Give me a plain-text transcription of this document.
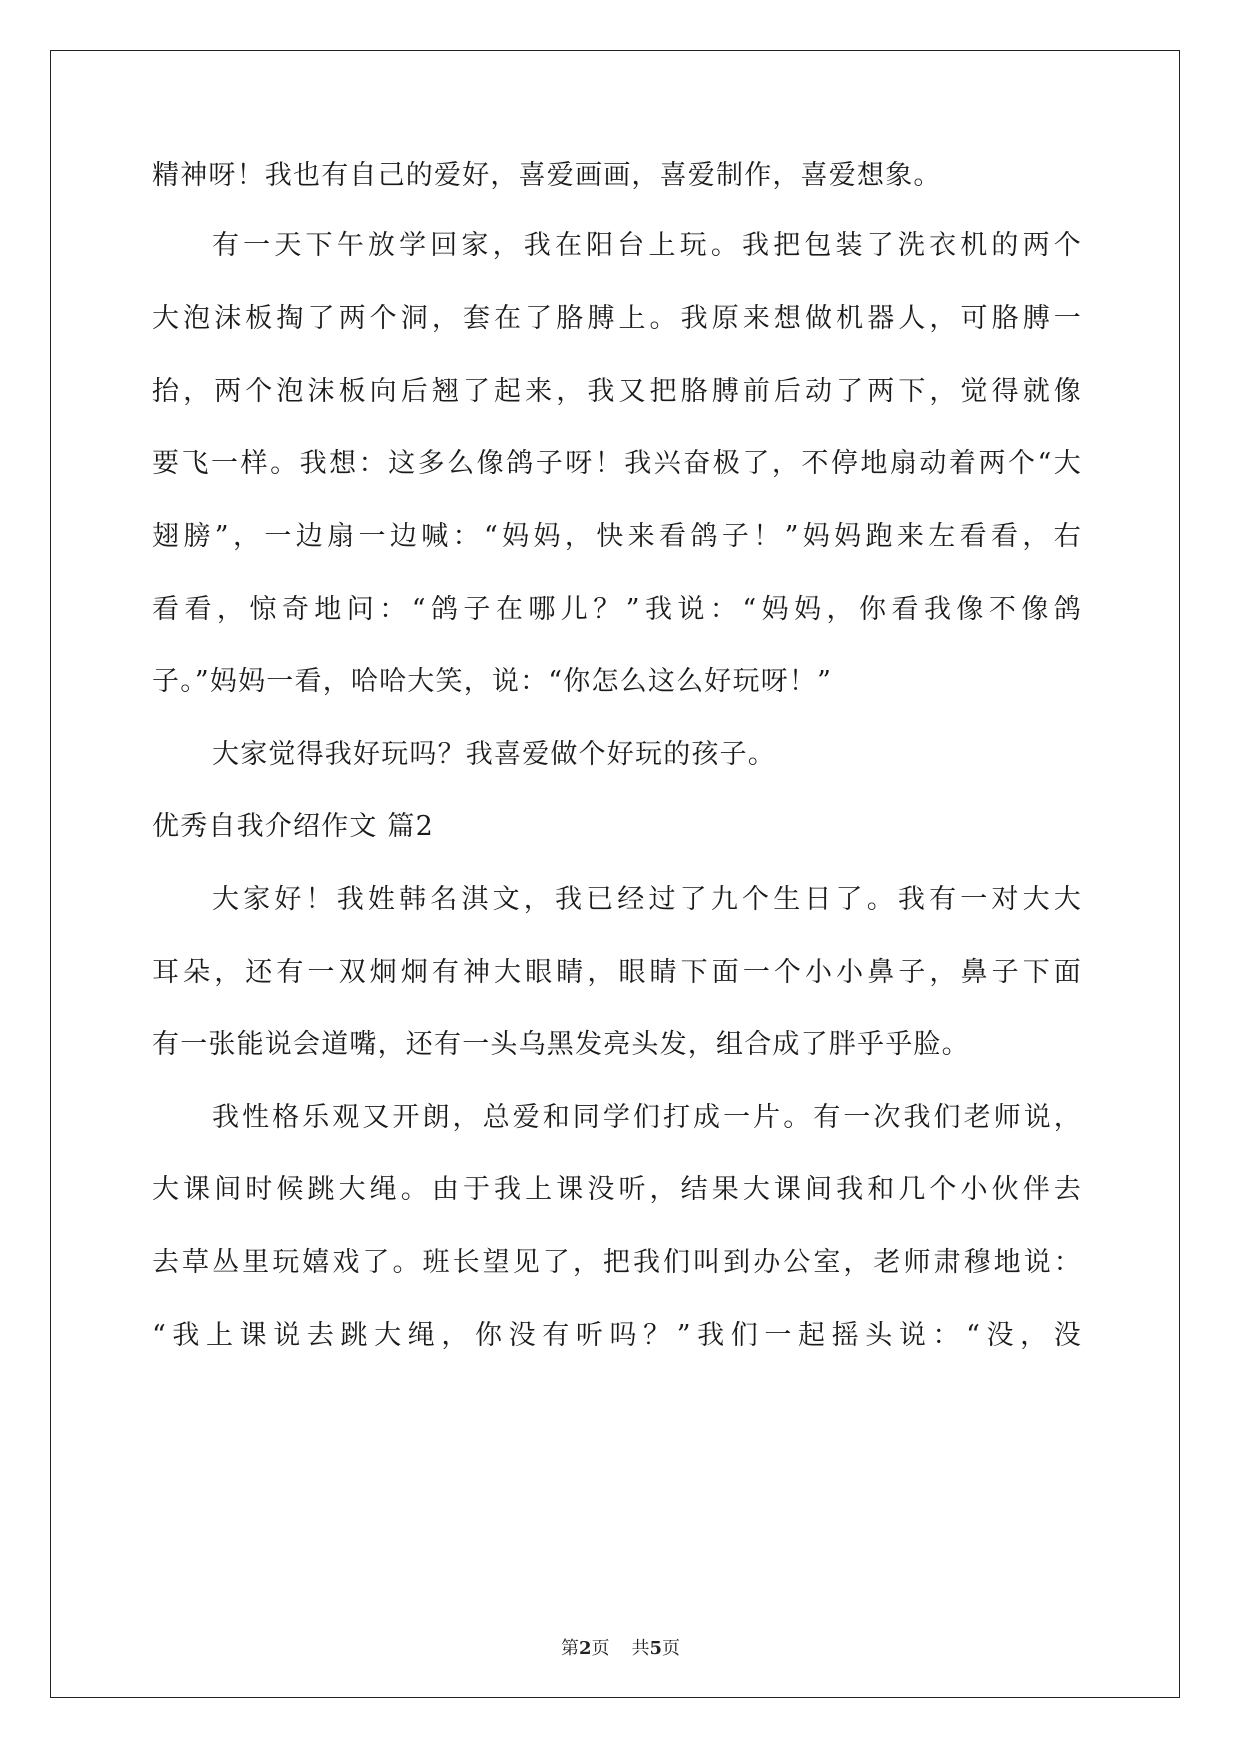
精神呀！我也有自己的爱好，喜爱画画，喜爱制作，喜爱想象。
有一天下午放学回家，我在阳台上玩。我把包装了洗衣机的两个
大泡沫板掏了两个洞，套在了胳膊上。我原来想做机器人，可胳膊一
抬，两个泡沫板向后翘了起来，我又把胳膊前后动了两下，觉得就像
要飞一样。我想：这多么像鸽子呀！我兴奋极了，不停地扇动着两个“大
翅膀”，一边扇一边喊：“妈妈，快来看鸽子！”妈妈跑来左看看，右
看看，惊奇地问：“鸽子在哪儿？”我说：“妈妈，你看我像不像鸽
子。”妈妈一看，哈哈大笑，说：“你怎么这么好玩呀！”
大家觉得我好玩吗？我喜爱做个好玩的孩子。
优秀自我介绍作文 篇2
大家好！我姓韩名淇文，我已经过了九个生日了。我有一对大大
耳朵，还有一双炯炯有神大眼睛，眼睛下面一个小小鼻子，鼻子下面
有一张能说会道嘴，还有一头乌黑发亮头发，组合成了胖乎乎脸。
我性格乐观又开朗，总爱和同学们打成一片。有一次我们老师说，
大课间时候跳大绳。由于我上课没听，结果大课间我和几个小伙伴去
去草丛里玩嬉戏了。班长望见了，把我们叫到办公室，老师肃穆地说：
“我上课说去跳大绳，你没有听吗？”我们一起摇头说：“没，没
第2页 共5页
